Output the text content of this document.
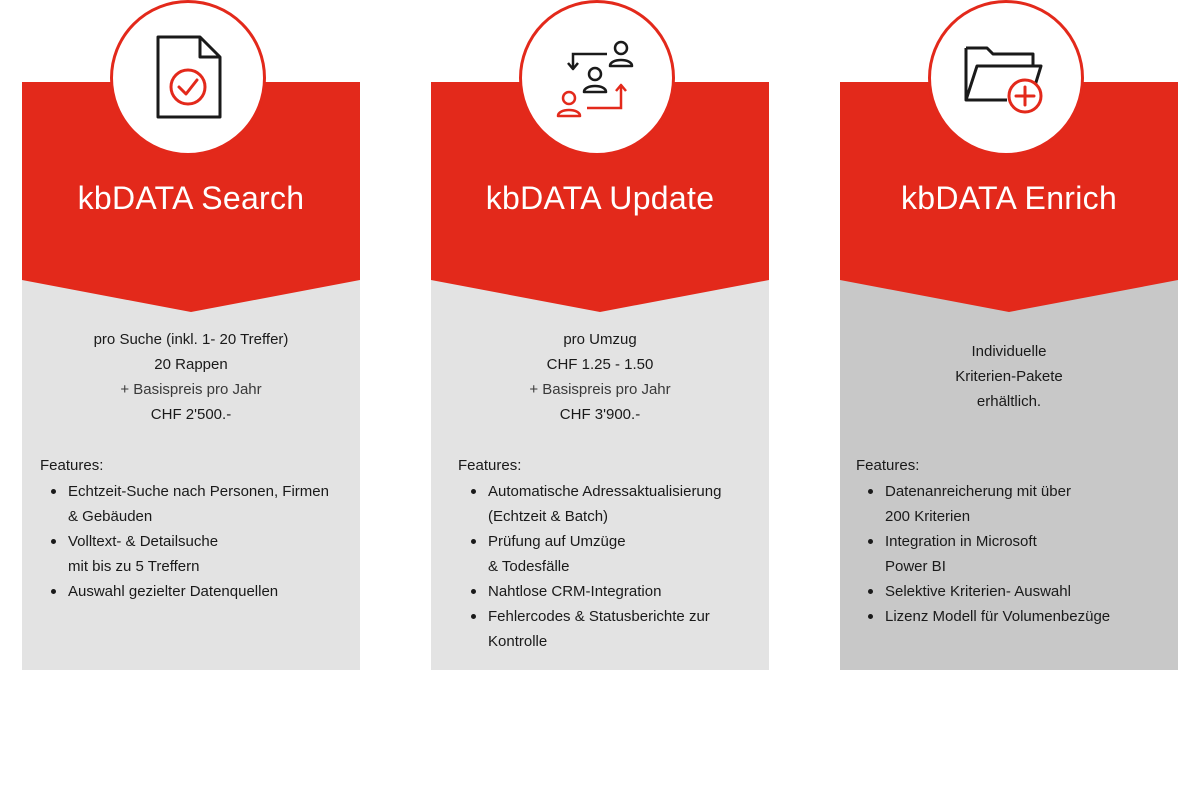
kbDATA Search
pro Suche (inkl. 1- 20 Treffer)
20 Rappen
+ Basispreis pro Jahr
CHF 2'500.-
Features:
Echtzeit-Suche nach Personen, Firmen
& Gebäuden
Volltext- & Detailsuche
mit bis zu 5 Treffern
Auswahl gezielter Datenquellen
kbDATA Update
pro Umzug
CHF 1.25 - 1.50
+ Basispreis pro Jahr
CHF 3'900.-
Features:
Automatische Adressaktualisierung
(Echtzeit & Batch)
Prüfung auf Umzüge
& Todesfälle
Nahtlose CRM-Integration
Fehlercodes & Statusberichte zur
Kontrolle
kbDATA Enrich
Individuelle
Kriterien-Pakete
erhältlich.
Features:
Datenanreicherung mit über
200 Kriterien
Integration in Microsoft
Power BI
Selektive Kriterien- Auswahl
Lizenz Modell für Volumenbezüge
